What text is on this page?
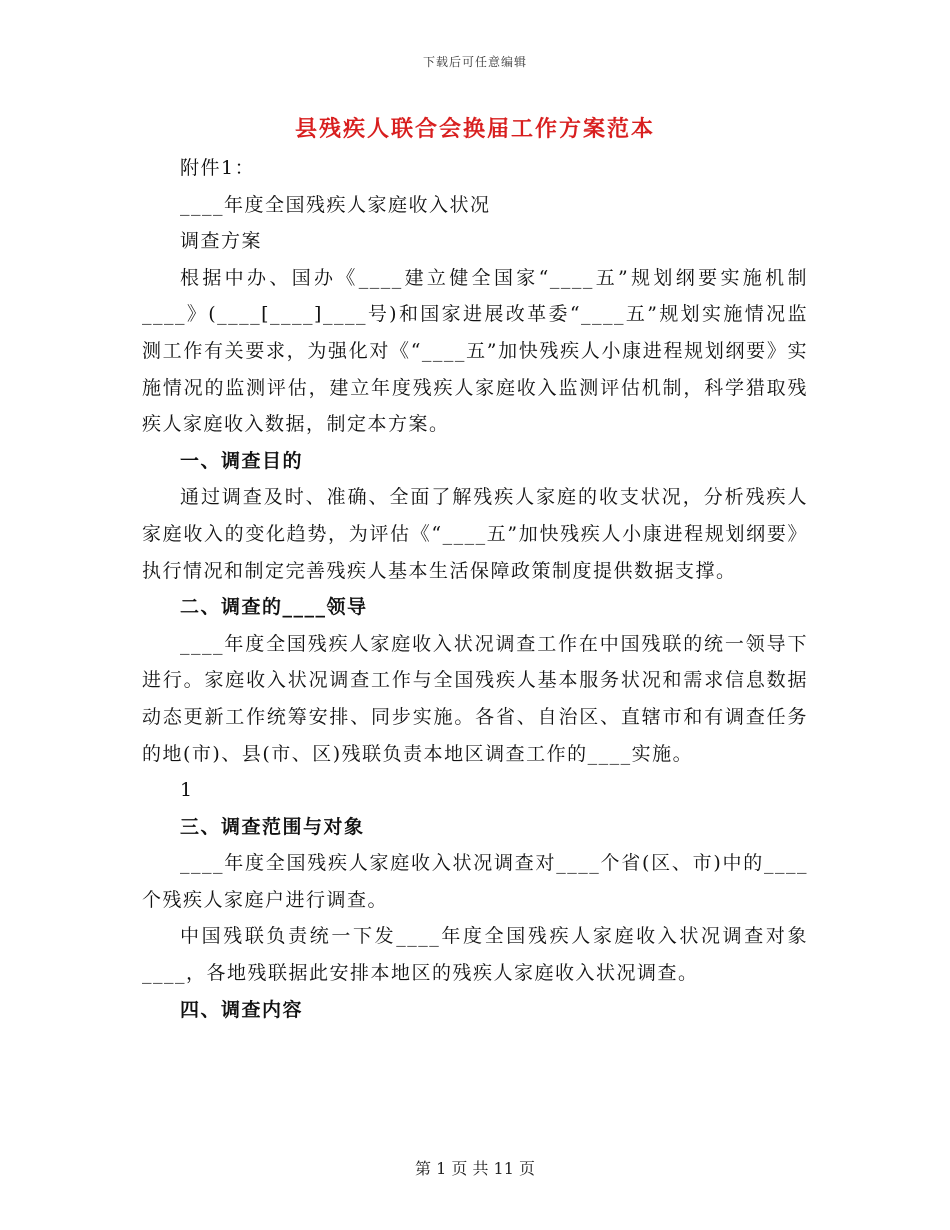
下载后可任意编辑
县残疾人联合会换届工作方案范本

附件1：

____年度全国残疾人家庭收入状况

调查方案

根据中办、国办《____建立健全国家“____五”规划纲要实施机制____》(____[____]____号)和国家进展改革委“____五”规划实施情况监测工作有关要求，为强化对《“____五”加快残疾人小康进程规划纲要》实施情况的监测评估，建立年度残疾人家庭收入监测评估机制，科学猎取残疾人家庭收入数据，制定本方案。

一、调查目的

通过调查及时、准确、全面了解残疾人家庭的收支状况，分析残疾人家庭收入的变化趋势，为评估《“____五”加快残疾人小康进程规划纲要》执行情况和制定完善残疾人基本生活保障政策制度提供数据支撑。

二、调查的____领导

____年度全国残疾人家庭收入状况调查工作在中国残联的统一领导下进行。家庭收入状况调查工作与全国残疾人基本服务状况和需求信息数据动态更新工作统筹安排、同步实施。各省、自治区、直辖市和有调查任务的地(市)、县(市、区)残联负责本地区调查工作的____实施。

1

三、调查范围与对象

____年度全国残疾人家庭收入状况调查对____个省(区、市)中的____个残疾人家庭户进行调查。

中国残联负责统一下发____年度全国残疾人家庭收入状况调查对象____，各地残联据此安排本地区的残疾人家庭收入状况调查。

四、调查内容

第 1 页 共 11 页
